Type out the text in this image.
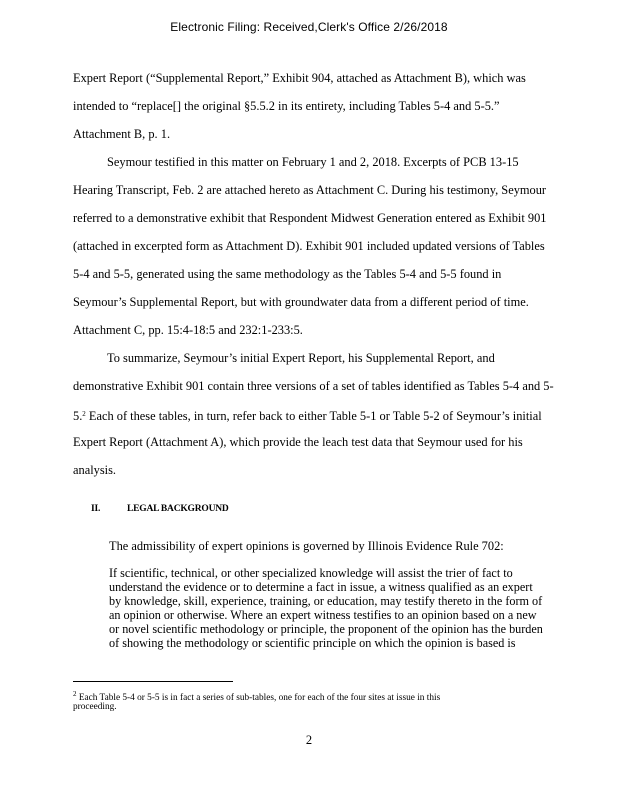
Electronic Filing: Received,Clerk's Office 2/26/2018
Expert Report (“Supplemental Report,” Exhibit 904, attached as Attachment B), which was
intended to “replace[] the original §5.5.2 in its entirety, including Tables 5-4 and 5-5.”
Attachment B, p. 1.
Seymour testified in this matter on February 1 and 2, 2018. Excerpts of PCB 13-15
Hearing Transcript, Feb. 2 are attached hereto as Attachment C. During his testimony, Seymour
referred to a demonstrative exhibit that Respondent Midwest Generation entered as Exhibit 901
(attached in excerpted form as Attachment D). Exhibit 901 included updated versions of Tables
5-4 and 5-5, generated using the same methodology as the Tables 5-4 and 5-5 found in
Seymour’s Supplemental Report, but with groundwater data from a different period of time.
Attachment C, pp. 15:4-18:5 and 232:1-233:5.
To summarize, Seymour’s initial Expert Report, his Supplemental Report, and
demonstrative Exhibit 901 contain three versions of a set of tables identified as Tables 5-4 and 5-
5.$^2$ Each of these tables, in turn, refer back to either Table 5-1 or Table 5-2 of Seymour’s initial
Expert Report (Attachment A), which provide the leach test data that Seymour used for his
analysis.
II.	LEGAL BACKGROUND
The admissibility of expert opinions is governed by Illinois Evidence Rule 702:
If scientific, technical, or other specialized knowledge will assist the trier of fact to
understand the evidence or to determine a fact in issue, a witness qualified as an expert
by knowledge, skill, experience, training, or education, may testify thereto in the form of
an opinion or otherwise. Where an expert witness testifies to an opinion based on a new
or novel scientific methodology or principle, the proponent of the opinion has the burden
of showing the methodology or scientific principle on which the opinion is based is
$^2$ Each Table 5-4 or 5-5 is in fact a series of sub-tables, one for each of the four sites at issue in this
proceeding.
2
